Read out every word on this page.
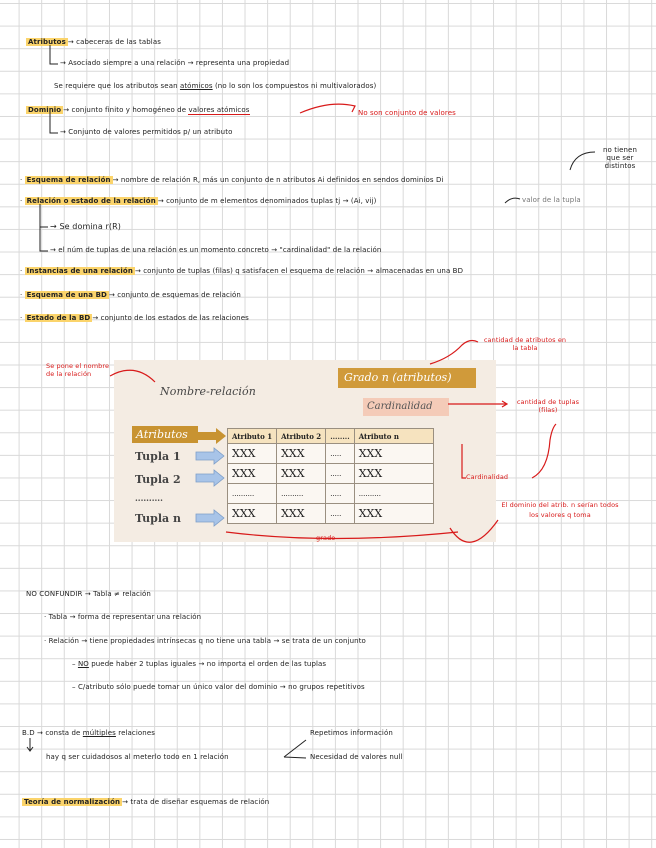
Atributos → cabeceras de las tablas
→ Asociado siempre a una relación → representa una propiedad
Se requiere que los atributos sean atómicos (no lo son los compuestos ni multivalorados)
Dominio → conjunto finito y homogéneo de valores atómicos	No son conjunto de valores
→ Conjunto de valores permitidos p/ un atributo
no tienen que ser distintos
· Esquema de relación → nombre de relación R, más un conjunto de n atributos Ai definidos en sendos dominios Di
· Relación o estado de la relación → conjunto de m elementos denominados tuplas tj → (Ai, vij)	valor de la tupla
→ Se domina r(R)
→ el núm de tuplas de una relación es un momento concreto → "cardinalidad" de la relación
· Instancias de una relación → conjunto de tuplas (filas) q satisfacen el esquema de relación → almacenadas en una BD
· Esquema de una BD → conjunto de esquemas de relación
· Estado de la BD → conjunto de los estados de las relaciones
Nombre-relación
Grado n (atributos)
Cardinalidad
Atributos	Atributo 1	Atributo 2	........	Atributo n
XXX	XXX	.....	XXX
XXX	XXX	.....	XXX
..........	..........	.....	..........
XXX	XXX	.....	XXX
Tupla 1
Tupla 2
..........
Tupla n
Se pone el nombre de la relación
cantidad de atributos en la tabla
cantidad de tuplas (filas)
Cardinalidad
El dominio del atrib. n serían todos los valores q toma
grado
NO CONFUNDIR → Tabla ≠ relación
· Tabla → forma de representar una relación
· Relación → tiene propiedades intrínsecas q no tiene una tabla → se trata de un conjunto
– NO puede haber 2 tuplas iguales → no importa el orden de las tuplas
– C/atributo sólo puede tomar un único valor del dominio → no grupos repetitivos
B.D → consta de múltiples relaciones	Repetimos información
hay q ser cuidadosos al meterlo todo en 1 relación	Necesidad de valores null
Teoría de normalización → trata de diseñar esquemas de relación
